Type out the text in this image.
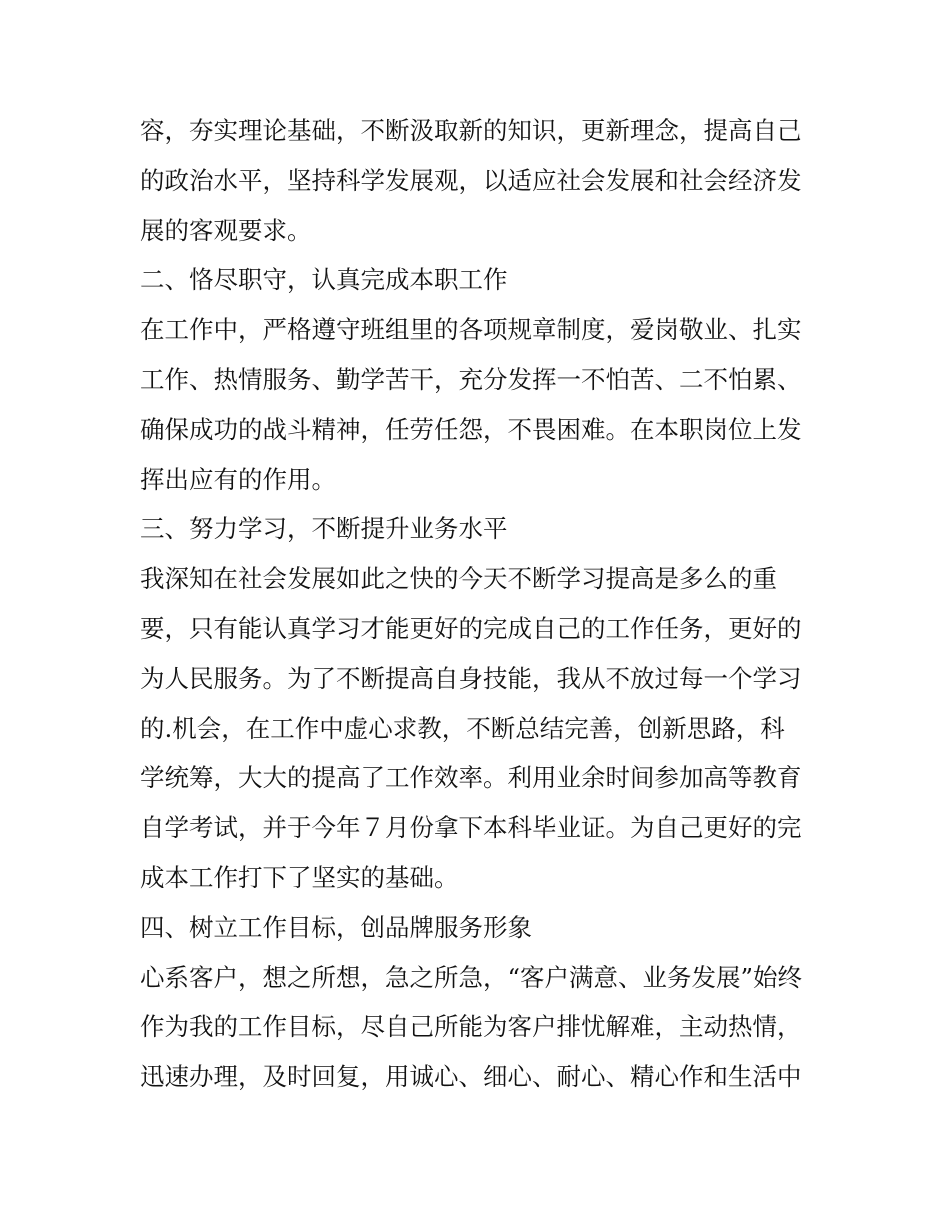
容，夯实理论基础，不断汲取新的知识，更新理念，提高自己
的政治水平，坚持科学发展观，以适应社会发展和社会经济发
展的客观要求。
二、恪尽职守，认真完成本职工作
在工作中，严格遵守班组里的各项规章制度，爱岗敬业、扎实
工作、热情服务、勤学苦干，充分发挥一不怕苦、二不怕累、
确保成功的战斗精神，任劳任怨，不畏困难。在本职岗位上发
挥出应有的作用。
三、努力学习，不断提升业务水平
我深知在社会发展如此之快的今天不断学习提高是多么的重
要，只有能认真学习才能更好的完成自己的工作任务，更好的
为人民服务。为了不断提高自身技能，我从不放过每一个学习
的.机会，在工作中虚心求教，不断总结完善，创新思路，科
学统筹，大大的提高了工作效率。利用业余时间参加高等教育
自学考试，并于今年７月份拿下本科毕业证。为自己更好的完
成本工作打下了坚实的基础。
四、树立工作目标，创品牌服务形象
心系客户，想之所想，急之所急，“客户满意、业务发展”始终
作为我的工作目标，尽自己所能为客户排忧解难，主动热情，
迅速办理，及时回复，用诚心、细心、耐心、精心作和生活中
